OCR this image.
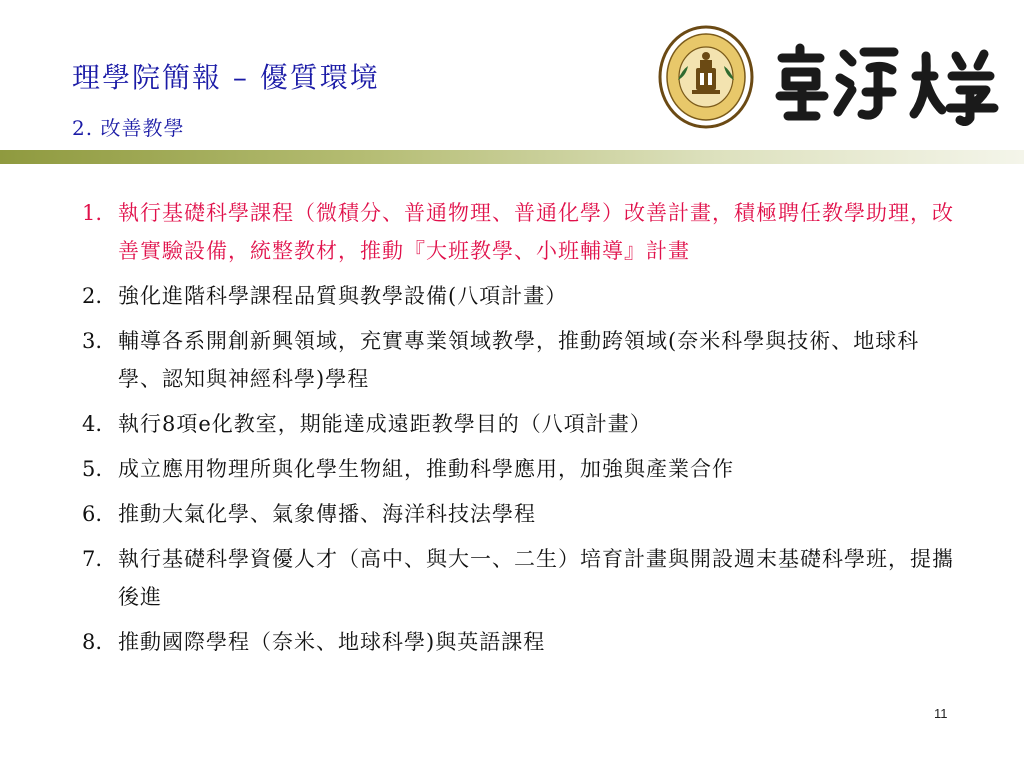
理學院簡報 – 優質環境
2. 改善教學
1. 執行基礎科學課程（微積分、普通物理、普通化學）改善計畫，積極聘任教學助理，改善實驗設備，統整教材，推動『大班教學、小班輔導』計畫
2. 強化進階科學課程品質與教學設備(八項計畫）
3. 輔導各系開創新興領域，充實專業領域教學，推動跨領域(奈米科學與技術、地球科學、認知與神經科學)學程
4. 執行8項e化教室，期能達成遠距教學目的（八項計畫）
5. 成立應用物理所與化學生物組，推動科學應用，加強與產業合作
6. 推動大氣化學、氣象傳播、海洋科技法學程
7. 執行基礎科學資優人才（高中、與大一、二生）培育計畫與開設週末基礎科學班，提攜後進
8. 推動國際學程（奈米、地球科學)與英語課程
11
